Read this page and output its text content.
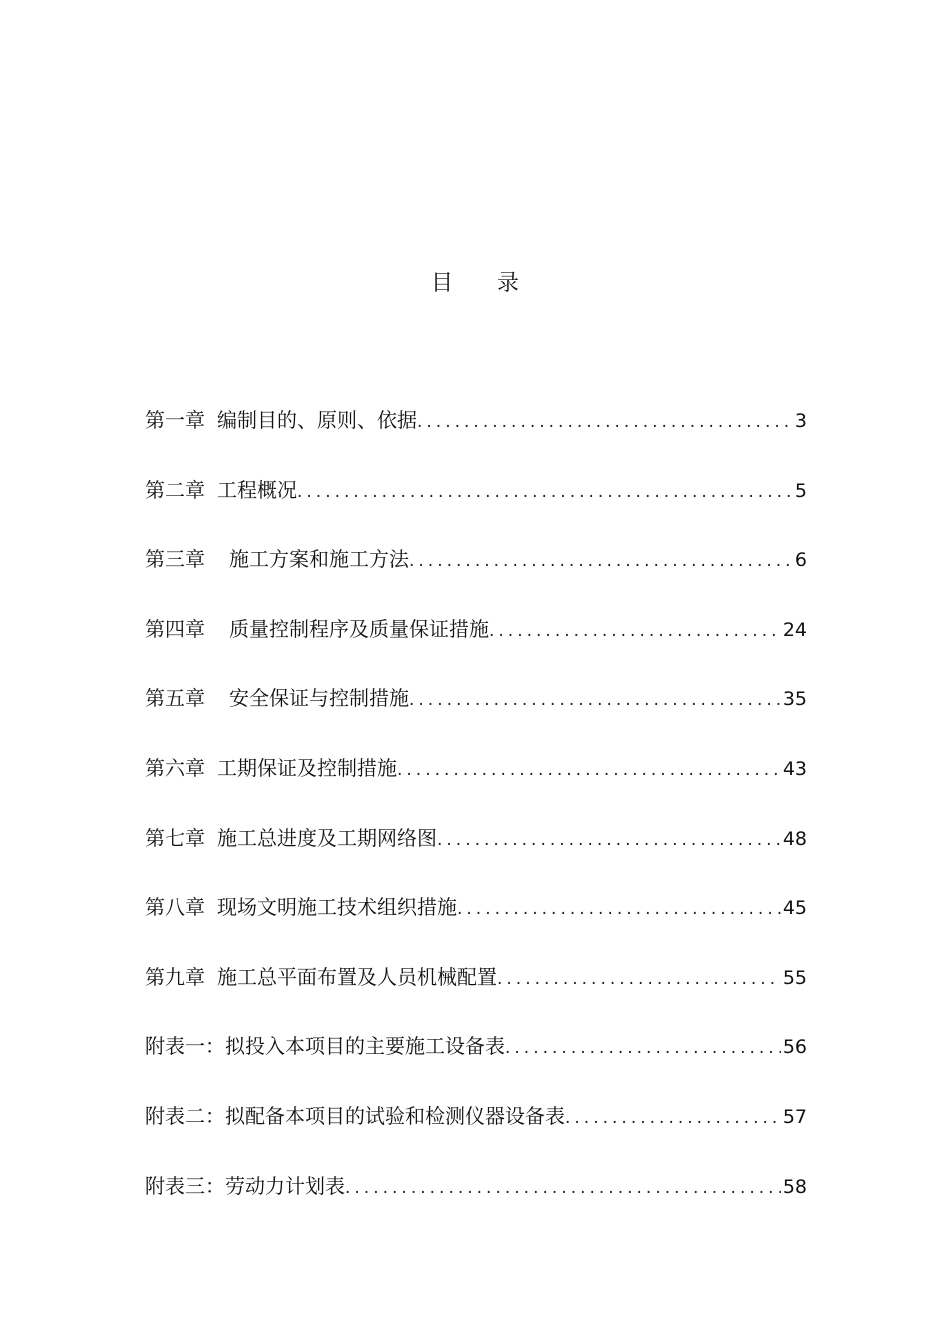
目 录
第一章 编制目的、原则、依据 .....	3
第二章 工程概况 .....	5
第三章 施工方案和施工方法 .....	6
第四章 质量控制程序及质量保证措施 .....	24
第五章 安全保证与控制措施 .....	35
第六章 工期保证及控制措施 .....	43
第七章 施工总进度及工期网络图 .....	48
第八章 现场文明施工技术组织措施 .....	45
第九章 施工总平面布置及人员机械配置 .....	55
附表一： 拟投入本项目的主要施工设备表 .....	56
附表二： 拟配备本项目的试验和检测仪器设备表 .....	57
附表三： 劳动力计划表 .....	58
